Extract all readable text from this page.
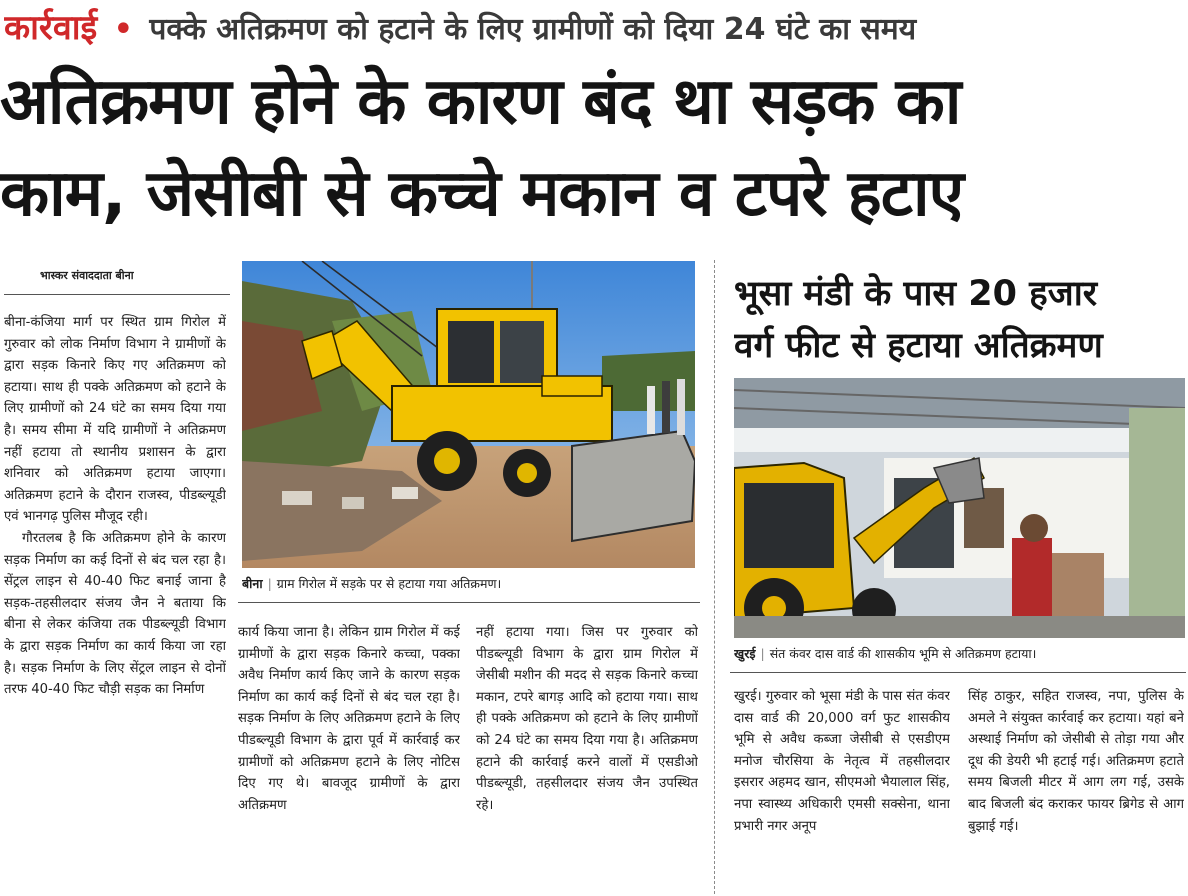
कार्रवाई • पक्के अतिक्रमण को हटाने के लिए ग्रामीणों को दिया 24 घंटे का समय
अतिक्रमण होने के कारण बंद था सड़क का
काम, जेसीबी से कच्चे मकान व टपरे हटाए
भास्कर संवाददाता बीना

बीना-कंजिया मार्ग पर स्थित ग्राम गिरोल में गुरुवार को लोक निर्माण विभाग ने ग्रामीणों के द्वारा सड़क किनारे किए गए अतिक्रमण को हटाया। साथ ही पक्के अतिक्रमण को हटाने के लिए ग्रामीणों को 24 घंटे का समय दिया गया है। समय सीमा में यदि ग्रामीणों ने अतिक्रमण नहीं हटाया तो स्थानीय प्रशासन के द्वारा शनिवार को अतिक्रमण हटाया जाएगा। अतिक्रमण हटाने के दौरान राजस्व, पीडब्ल्यूडी एवं भानगढ़ पुलिस मौजूद रही।

गौरतलब है कि अतिक्रमण होने के कारण सड़क निर्माण का कई दिनों से बंद चल रहा है।सेंट्रल लाइन से 40-40 फिट बनाई जाना है सड़क-तहसीलदार संजय जैन ने बताया कि बीना से लेकर कंजिया तक पीडब्ल्यूडी विभाग के द्वारा सड़क निर्माण का कार्य किया जा रहा है। सड़क निर्माण के लिए सेंट्रल लाइन से दोनों तरफ 40-40 फिट चौड़ी सड़क का निर्माण

बीना | ग्राम गिरोल में सड़के पर से हटाया गया अतिक्रमण।

कार्य किया जाना है। लेकिन ग्राम गिरोल में कई ग्रामीणों के द्वारा सड़क किनारे कच्चा, पक्का अवैध निर्माण कार्य किए जाने के कारण सड़क निर्माण का कार्य कई दिनों से बंद चल रहा है। सड़क निर्माण के लिए अतिक्रमण हटाने के लिए पीडब्ल्यूडी विभाग के द्वारा पूर्व में कार्रवाई कर ग्रामीणों को अतिक्रमण हटाने के लिए नोटिस दिए गए थे। बावजूद ग्रामीणों के द्वारा अतिक्रमण

नहीं हटाया गया। जिस पर गुरुवार को पीडब्ल्यूडी विभाग के द्वारा ग्राम गिरोल में जेसीबी मशीन की मदद से सड़क किनारे कच्चा मकान, टपरे बागड़ आदि को हटाया गया। साथ ही पक्के अतिक्रमण को हटाने के लिए ग्रामीणों को 24 घंटे का समय दिया गया है। अतिक्रमण हटाने की कार्रवाई करने वालों में एसडीओ पीडब्ल्यूडी, तहसीलदार संजय जैन उपस्थित रहे।

भूसा मंडी के पास 20 हजार
वर्ग फीट से हटाया अतिक्रमण
खुरई | संत कंवर दास वार्ड की शासकीय भूमि से अतिक्रमण हटाया।

खुरई। गुरुवार को भूसा मंडी के पास संत कंवर दास वार्ड की 20,000 वर्ग फुट शासकीय भूमि से अवैध कब्जा जेसीबी से एसडीएम मनोज चौरसिया के नेतृत्व में तहसीलदार इसरार अहमद खान, सीएमओ भैयालाल सिंह, नपा स्वास्थ्य अधिकारी एमसी सक्सेना, थाना प्रभारी नगर अनूप

सिंह ठाकुर, सहित राजस्व, नपा, पुलिस के अमले ने संयुक्त कार्रवाई कर हटाया। यहां बने अस्थाई निर्माण को जेसीबी से तोड़ा गया और दूध की डेयरी भी हटाई गई। अतिक्रमण हटाते समय बिजली मीटर में आग लग गई, उसके बाद बिजली बंद कराकर फायर ब्रिगेड से आग बुझाई गई।
